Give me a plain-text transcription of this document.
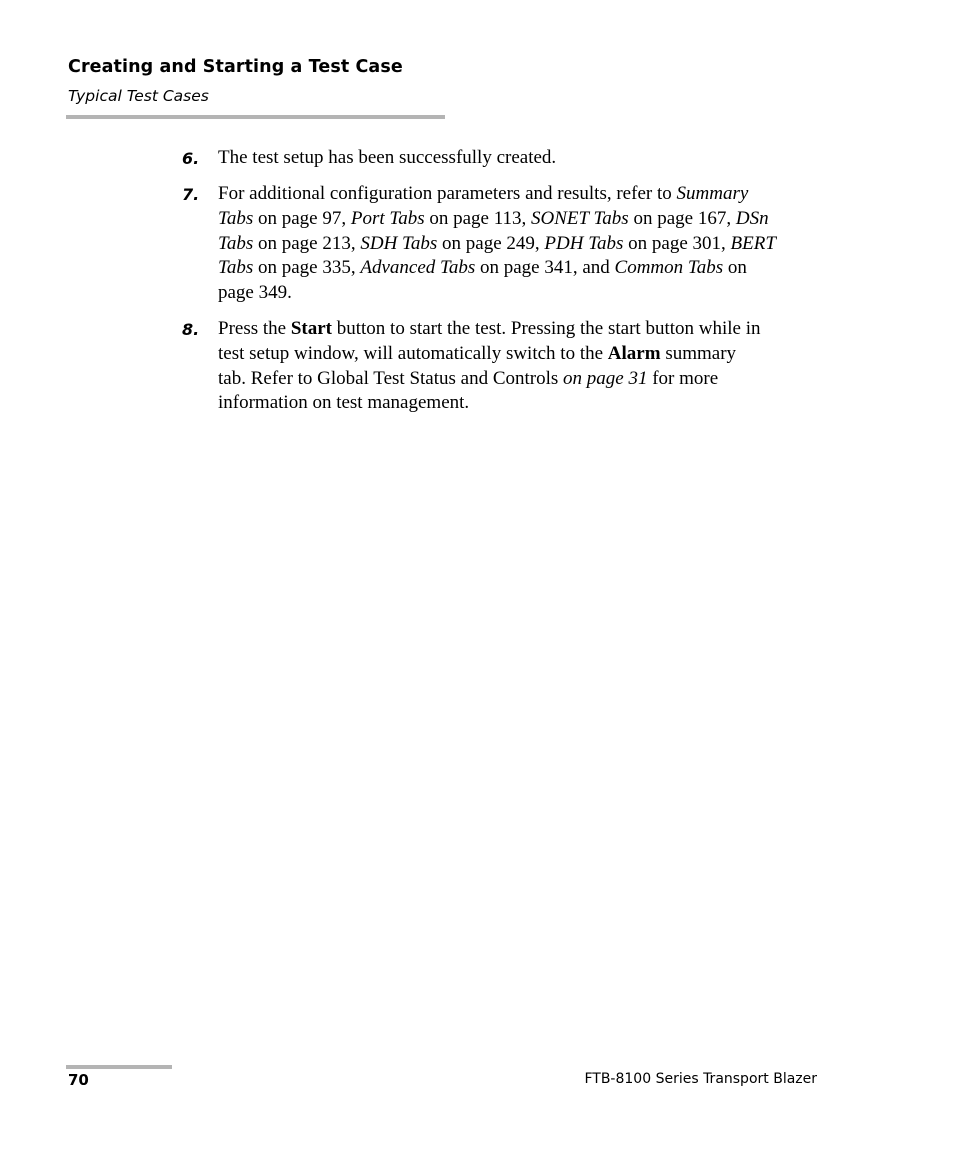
Creating and Starting a Test Case
Typical Test Cases
6. The test setup has been successfully created.
7. For additional configuration parameters and results, refer to Summary
Tabs on page 97, Port Tabs on page 113, SONET Tabs on page 167, DSn
Tabs on page 213, SDH Tabs on page 249, PDH Tabs on page 301, BERT
Tabs on page 335, Advanced Tabs on page 341, and Common Tabs on
page 349.
8. Press the Start button to start the test. Pressing the start button while in
test setup window, will automatically switch to the Alarm summary
tab. Refer to Global Test Status and Controls on page 31 for more
information on test management.
70	FTB-8100 Series Transport Blazer
